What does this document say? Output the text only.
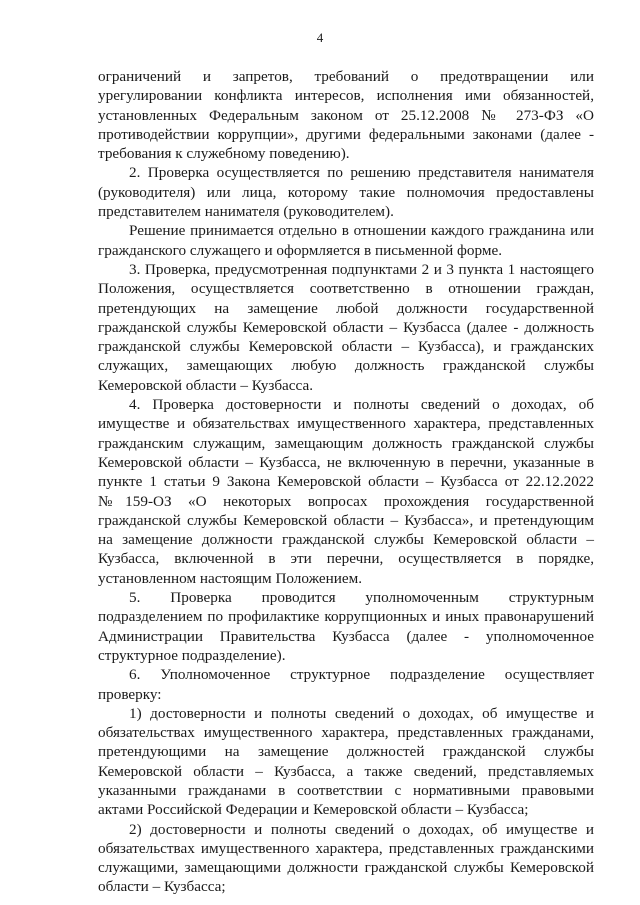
4

ограничений и запретов, требований о предотвращении или урегулировании конфликта интересов, исполнения ими обязанностей, установленных Федеральным законом от 25.12.2008 № 273-ФЗ «О противодействии коррупции», другими федеральными законами (далее - требования к служебному поведению).

2. Проверка осуществляется по решению представителя нанимателя (руководителя) или лица, которому такие полномочия предоставлены представителем нанимателя (руководителем).

Решение принимается отдельно в отношении каждого гражданина или гражданского служащего и оформляется в письменной форме.

3. Проверка, предусмотренная подпунктами 2 и 3 пункта 1 настоящего Положения, осуществляется соответственно в отношении граждан, претендующих на замещение любой должности государственной гражданской службы Кемеровской области – Кузбасса (далее - должность гражданской службы Кемеровской области – Кузбасса), и гражданских служащих, замещающих любую должность гражданской службы Кемеровской области – Кузбасса.

4. Проверка достоверности и полноты сведений о доходах, об имуществе и обязательствах имущественного характера, представленных гражданским служащим, замещающим должность гражданской службы Кемеровской области – Кузбасса, не включенную в перечни, указанные в пункте 1 статьи 9 Закона Кемеровской области – Кузбасса от 22.12.2022 №159-ОЗ «О некоторых вопросах прохождения государственной гражданской службы Кемеровской области – Кузбасса», и претендующим на замещение должности гражданской службы Кемеровской области – Кузбасса, включенной в эти перечни, осуществляется в порядке, установленном настоящим Положением.

5. Проверка проводится уполномоченным структурным подразделением по профилактике коррупционных и иных правонарушений Администрации Правительства Кузбасса (далее - уполномоченное структурное подразделение).

6. Уполномоченное структурное подразделение осуществляет проверку:

1) достоверности и полноты сведений о доходах, об имуществе и обязательствах имущественного характера, представленных гражданами, претендующими на замещение должностей гражданской службы Кемеровской области – Кузбасса, а также сведений, представляемых указанными гражданами в соответствии с нормативными правовыми актами Российской Федерации и Кемеровской области – Кузбасса;

2) достоверности и полноты сведений о доходах, об имуществе и обязательствах имущественного характера, представленных гражданскими служащими, замещающими должности гражданской службы Кемеровской области – Кузбасса;
